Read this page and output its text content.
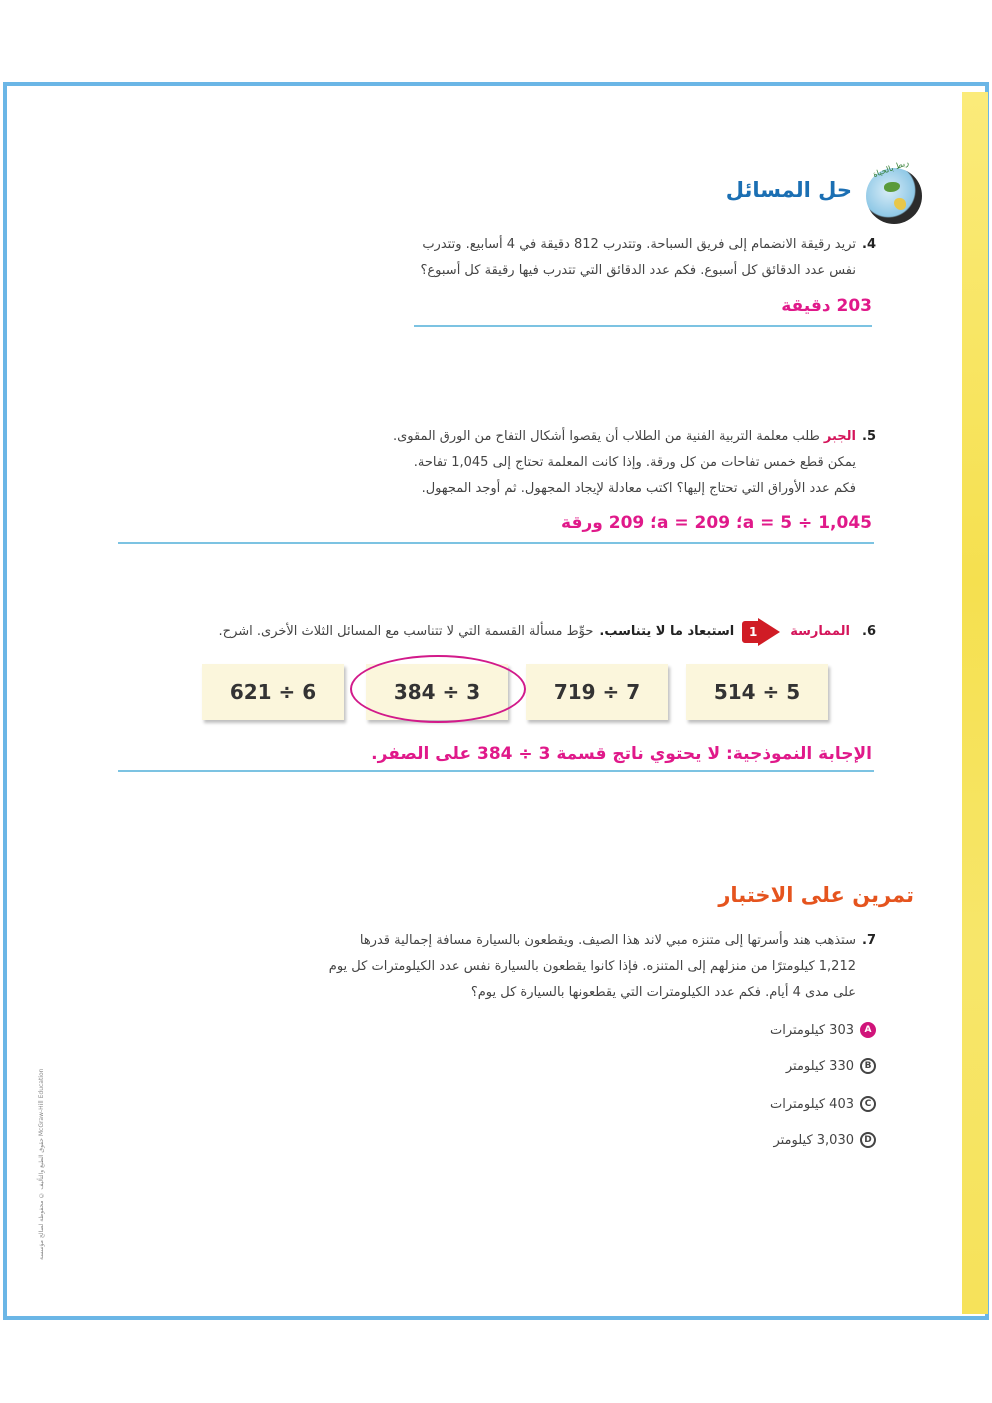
ربط بالحياة
حل المسائل
4.تريد رقيقة الانضمام إلى فريق السباحة. وتتدرب 812 دقيقة في 4 أسابيع. وتتدرب
نفس عدد الدقائق كل أسبوع. فكم عدد الدقائق التي تتدرب فيها رقيقة كل أسبوع؟
203 دقيقة
5.الجبرطلب معلمة التربية الفنية من الطلاب أن يقصوا أشكال التفاح من الورق المقوى.
يمكن قطع خمس تفاحات من كل ورقة. وإذا كانت المعلمة تحتاج إلى 1,045 تفاحة.
فكم عدد الأوراق التي تحتاج إليها؟ اكتب معادلة لإيجاد المجهول. ثم أوجد المجهول.
a = 5 ÷ 1,045؛ 209 = a؛ 209 ورقة
6.
الممارسة
1
استبعاد ما لا يتناسب.
حوِّط مسألة القسمة التي لا تتناسب مع المسائل الثلاث الأخرى. اشرح.
514 ÷ 5
719 ÷ 7
384 ÷ 3
621 ÷ 6
الإجابة النموذجية: لا يحتوي ناتج قسمة 3 ÷ 384 على الصفر.
تمرين على الاختبار
7.ستذهب هند وأسرتها إلى متنزه مبي لاند هذا الصيف. ويقطعون بالسيارة مسافة إجمالية قدرها
1,212 كيلومترًا من منزلهم إلى المتنزه. فإذا كانوا يقطعون بالسيارة نفس عدد الكيلومترات كل يوم
على مدى 4 أيام. فكم عدد الكيلومترات التي يقطعونها بالسيارة كل يوم؟
A
303 كيلومترات
B
330 كيلومتر
C
403 كيلومترات
D
3,030 كيلومتر
حقوق الطبع والتأليف © محفوظة لصالح مؤسسة McGraw-Hill Education
